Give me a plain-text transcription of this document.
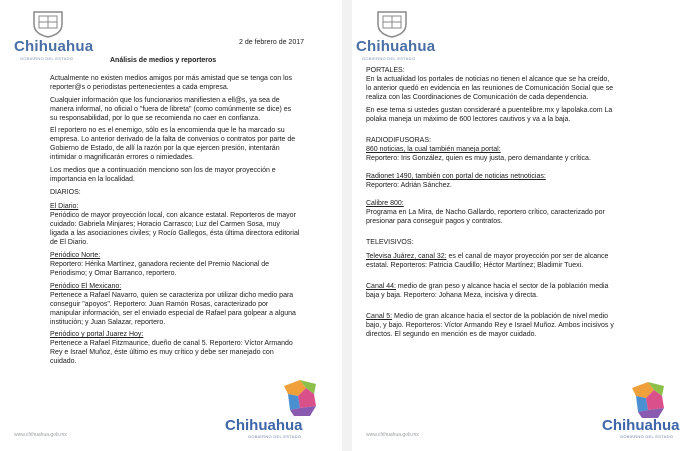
Chihuahua
GOBIERNO DEL ESTADO
2 de febrero de 2017
Análisis de medios y reporteros
Actualmente no existen medios amigos por más amistad que se tenga con los reporter@s o periodistas pertenecientes a cada empresa.
Cualquier información que los funcionarios manifiesten a ell@s, ya sea de manera informal, no oficial o "fuera de libreta" (como comúnmente se dice) es su responsabilidad, por lo que se recomienda no caer en confianza.
El reportero no es el enemigo, sólo es la encomienda que le ha marcado su empresa. Lo anterior derivado de la falta de convenios o contratos por parte de Gobierno de Estado, de allí la razón por la que ejercen presión, intentarán intimidar o magnificarán errores o nimiedades.
Los medios que a continuación menciono son los de mayor proyección e importancia en la localidad.
DIARIOS:
El Diario:
Periódico de mayor proyección local, con alcance estatal. Reporteros de mayor cuidado: Gabriela Minjares; Horacio Carrasco; Luz del Carmen Sosa, muy ligada a las asociaciones civiles; y Rocío Gallegos, ésta última directora editorial de El Diario.
Periódico Norte:
Reportero: Hérika Martínez, ganadora reciente del Premio Nacional de Periodismo; y Omar Barranco, reportero.
Periódico El Mexicano:
Pertenece a Rafael Navarro, quien se caracteriza por utilizar dicho medio para conseguir "apoyos". Reportero: Juan Ramón Rosas, caracterizado por manipular información, ser el enviado especial de Rafael para golpear a alguna institución; y Juan Salazar, reportero.
Periódico y portal Juarez Hoy:
Pertenece a Rafael Fitzmaurice, dueño de canal 5. Reportero: Víctor Armando Rey e Israel Muñoz, éste último es muy crítico y debe ser manejado con cuidado.
Chihuahua
GOBIERNO DEL ESTADO
www.chihuahua.gob.mx
Chihuahua
GOBIERNO DEL ESTADO
PORTALES:
En la actualidad los portales de noticias no tienen el alcance que se ha creído, lo anterior quedó en evidencia en las reuniones de Comunicación Social que se realiza con las Coordinaciones de Comunicación de cada dependencia.
En ese tema si ustedes gustan consideraré a puentelibre.mx y lapolaka.com La polaka maneja un máximo de 600 lectores cautivos y va a la baja.
RADIODIFUSORAS:
860 noticias, la cual también maneja portal:
Reportero: Iris González, quien es muy justa, pero demandante y crítica.
Radionet 1490, también con portal de noticias netnoticias:
Reportero: Adrián Sánchez.
Calibre 800:
Programa en La Mira, de Nacho Gallardo, reportero crítico, caracterizado por presionar para conseguir pagos y contratos.
TELEVISIVOS:
Televisa Juárez, canal 32: es el canal de mayor proyección por ser de alcance estatal. Reporteros: Patricia Caudillo; Héctor Martínez; Bladimir Tuexi.
Canal 44: medio de gran peso y alcance hacia el sector de la población media baja y baja. Reportero: Johana Meza, incisiva y directa.
Canal 5: Medio de gran alcance hacia el sector de la población de nivel medio bajo, y bajo. Reporteros: Víctor Armando Rey e Israel Muñoz. Ambos incisivos y directos. El segundo en mención es de mayor cuidado.
Chihuahua
GOBIERNO DEL ESTADO
www.chihuahua.gob.mx
